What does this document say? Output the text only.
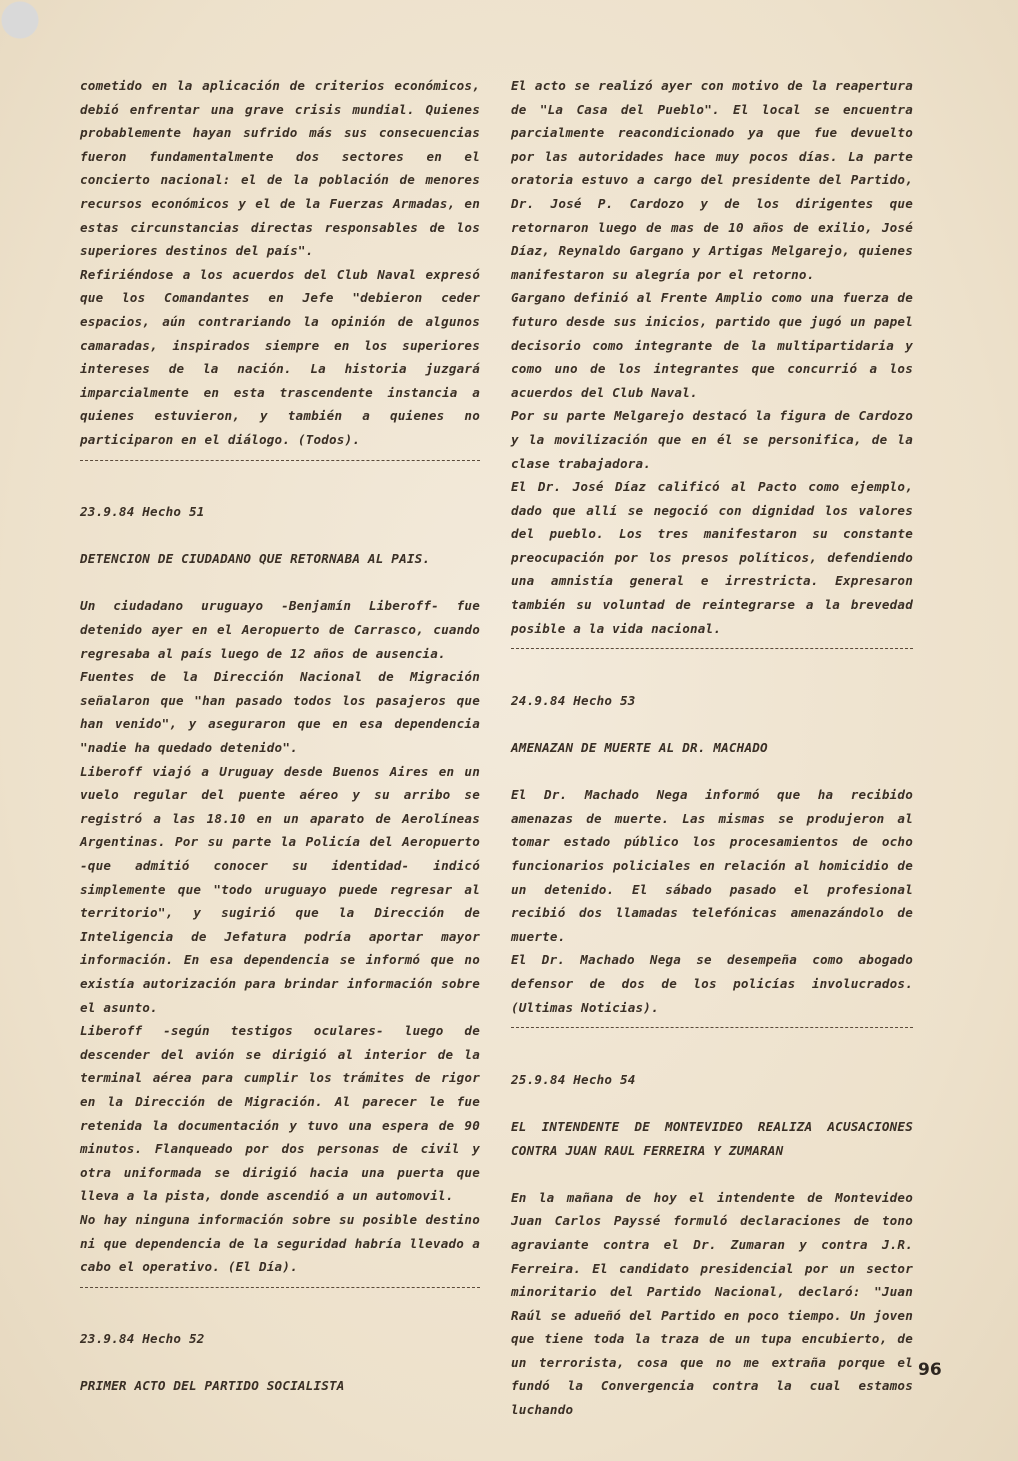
cometido en la aplicación de criterios económicos, debió enfrentar una grave crisis mundial. Quienes probablemente hayan sufrido más sus consecuencias fueron fundamentalmente dos sectores en el concierto nacional: el de la población de menores recursos económicos y el de la Fuerzas Armadas, en estas circunstancias directas responsables de los superiores destinos del país".

Refiriéndose a los acuerdos del Club Naval expresó que los Comandantes en Jefe "debieron ceder espacios, aún contrariando la opinión de algunos camaradas, inspirados siempre en los superiores intereses de la nación. La historia juzgará imparcialmente en esta trascendente instancia a quienes estuvieron, y también a quienes no participaron en el diálogo. (Todos).

23.9.84 Hecho 51

DETENCION DE CIUDADANO QUE RETORNABA AL PAIS.

Un ciudadano uruguayo -Benjamín Liberoff- fue detenido ayer en el Aeropuerto de Carrasco, cuando regresaba al país luego de 12 años de ausencia.

Fuentes de la Dirección Nacional de Migración señalaron que "han pasado todos los pasajeros que han venido", y aseguraron que en esa dependencia "nadie ha quedado detenido".

Liberoff viajó a Uruguay desde Buenos Aires en un vuelo regular del puente aéreo y su arribo se registró a las 18.10 en un aparato de Aerolíneas Argentinas. Por su parte la Policía del Aeropuerto -que admitió conocer su identidad- indicó simplemente que "todo uruguayo puede regresar al territorio", y sugirió que la Dirección de Inteligencia de Jefatura podría aportar mayor información. En esa dependencia se informó que no existía autorización para brindar información sobre el asunto.

Liberoff -según testigos oculares- luego de descender del avión se dirigió al interior de la terminal aérea para cumplir los trámites de rigor en la Dirección de Migración. Al parecer le fue retenida la documentación y tuvo una espera de 90 minutos. Flanqueado por dos personas de civil y otra uniformada se dirigió hacia una puerta que lleva a la pista, donde ascendió a un automovil.

No hay ninguna información sobre su posible destino ni que dependencia de la seguridad habría llevado a cabo el operativo. (El Día).

23.9.84 Hecho 52

PRIMER ACTO DEL PARTIDO SOCIALISTA

El acto se realizó ayer con motivo de la reapertura de "La Casa del Pueblo". El local se encuentra parcialmente reacondicionado ya que fue devuelto por las autoridades hace muy pocos días. La parte oratoria estuvo a cargo del presidente del Partido, Dr. José P. Cardozo y de los dirigentes que retornaron luego de mas de 10 años de exilio, José Díaz, Reynaldo Gargano y Artigas Melgarejo, quienes manifestaron su alegría por el retorno.

Gargano definió al Frente Amplio como una fuerza de futuro desde sus inicios, partido que jugó un papel decisorio como integrante de la multipartidaria y como uno de los integrantes que concurrió a los acuerdos del Club Naval.

Por su parte Melgarejo destacó la figura de Cardozo y la movilización que en él se personifica, de la clase trabajadora.

El Dr. José Díaz calificó al Pacto como ejemplo, dado que allí se negoció con dignidad los valores del pueblo. Los tres manifestaron su constante preocupación por los presos políticos, defendiendo una amnistía general e irrestricta. Expresaron también su voluntad de reintegrarse a la brevedad posible a la vida nacional.

24.9.84 Hecho 53

AMENAZAN DE MUERTE AL DR. MACHADO

El Dr. Machado Nega informó que ha recibido amenazas de muerte. Las mismas se produjeron al tomar estado público los procesamientos de ocho funcionarios policiales en relación al homicidio de un detenido. El sábado pasado el profesional recibió dos llamadas telefónicas amenazándolo de muerte.

El Dr. Machado Nega se desempeña como abogado defensor de dos de los policías involucrados. (Ultimas Noticias).

25.9.84 Hecho 54

EL INTENDENTE DE MONTEVIDEO REALIZA ACUSACIONES CONTRA JUAN RAUL FERREIRA Y ZUMARAN

En la mañana de hoy el intendente de Montevideo Juan Carlos Payssé formuló declaraciones de tono agraviante contra el Dr. Zumaran y contra J.R. Ferreira. El candidato presidencial por un sector minoritario del Partido Nacional, declaró: "Juan Raúl se adueñó del Partido en poco tiempo. Un joven que tiene toda la traza de un tupa encubierto, de un terrorista, cosa que no me extraña porque el fundó la Convergencia contra la cual estamos luchando

96
